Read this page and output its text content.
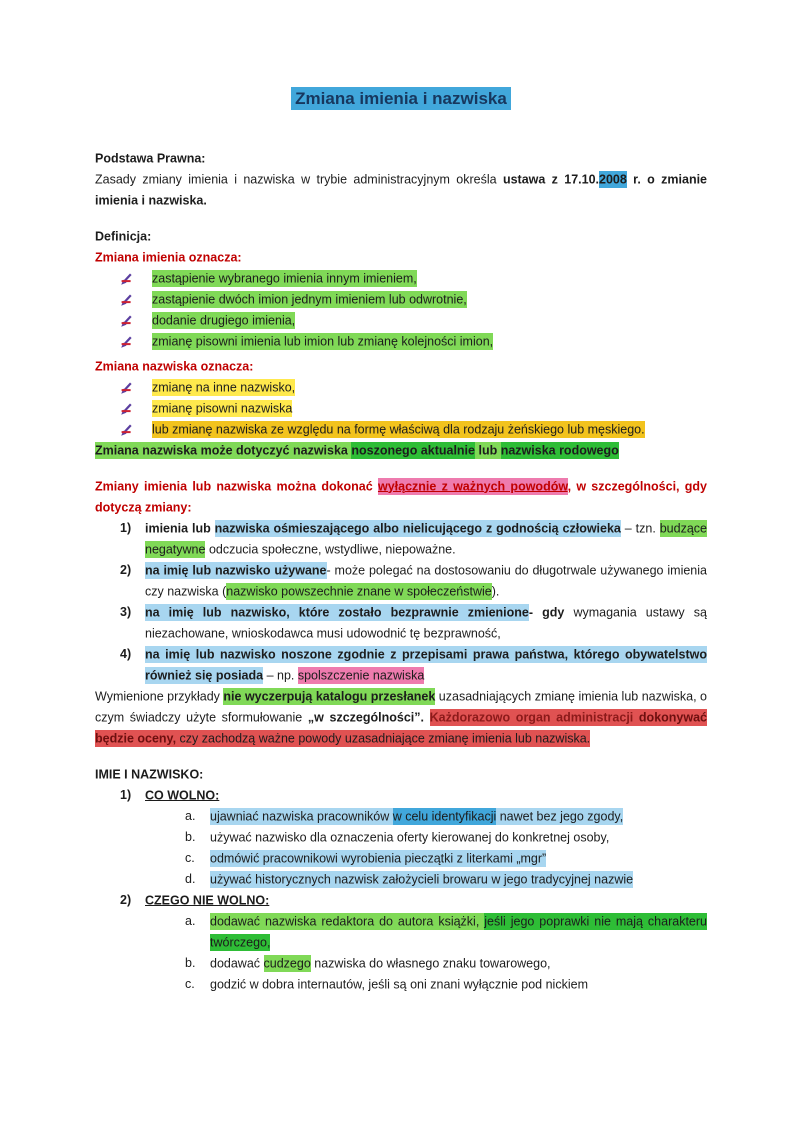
Zmiana imienia i nazwiska
Podstawa Prawna:
Zasady zmiany imienia i nazwiska w trybie administracyjnym określa ustawa z 17.10.2008 r. o zmianie imienia i nazwiska.
Definicja:
Zmiana imienia oznacza:
zastąpienie wybranego imienia innym imieniem,
zastąpienie dwóch imion jednym imieniem lub odwrotnie,
dodanie drugiego imienia,
zmianę pisowni imienia lub imion lub zmianę kolejności imion,
Zmiana nazwiska oznacza:
zmianę na inne nazwisko,
zmianę pisowni nazwiska
lub zmianę nazwiska ze względu na formę właściwą dla rodzaju żeńskiego lub męskiego.
Zmiana nazwiska może dotyczyć nazwiska noszonego aktualnie lub nazwiska rodowego
Zmiany imienia lub nazwiska można dokonać wyłącznie z ważnych powodów, w szczególności, gdy dotyczą zmiany:
1) imienia lub nazwiska ośmieszającego albo nielicującego z godnością człowieka – tzn. budzące negatywne odczucia społeczne, wstydliwe, niepoważne.
2) na imię lub nazwisko używane- może polegać na dostosowaniu do długotrwale używanego imienia czy nazwiska (nazwisko powszechnie znane w społeczeństwie).
3) na imię lub nazwisko, które zostało bezprawnie zmienione- gdy wymagania ustawy są niezachowane, wnioskodawca musi udowodnić tę bezprawność,
4) na imię lub nazwisko noszone zgodnie z przepisami prawa państwa, którego obywatelstwo również się posiada – np. spolszczenie nazwiska
Wymienione przykłady nie wyczerpują katalogu przesłanek uzasadniających zmianę imienia lub nazwiska, o czym świadczy użyte sformułowanie „w szczególności”. Każdorazowo organ administracji dokonywać będzie oceny, czy zachodzą ważne powody uzasadniające zmianę imienia lub nazwiska.
IMIE I NAZWISKO:
1) CO WOLNO:
a. ujawniać nazwiska pracowników w celu identyfikacji nawet bez jego zgody,
b. używać nazwisko dla oznaczenia oferty kierowanej do konkretnej osoby,
c. odmówić pracownikowi wyrobienia pieczątki z literkami „mgr”
d. używać historycznych nazwisk założycieli browaru w jego tradycyjnej nazwie
2) CZEGO NIE WOLNO:
a. dodawać nazwiska redaktora do autora książki, jeśli jego poprawki nie mają charakteru twórczego,
b. dodawać cudzego nazwiska do własnego znaku towarowego,
c. godzić w dobra internautów, jeśli są oni znani wyłącznie pod nickiem
